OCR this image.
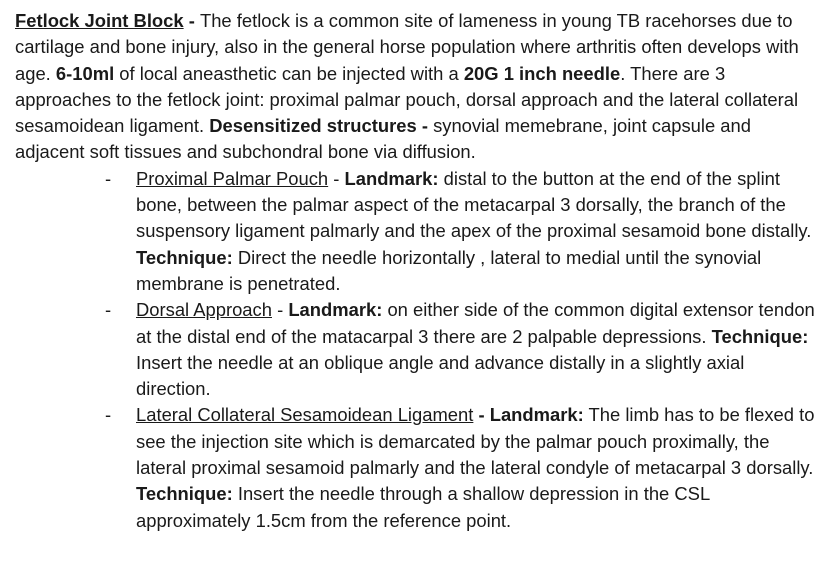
Fetlock Joint Block - The fetlock is a common site of lameness in young TB racehorses due to cartilage and bone injury, also in the general horse population where arthritis often develops with age. 6-10ml of local aneasthetic can be injected with a 20G 1 inch needle. There are 3 approaches to the fetlock joint: proximal palmar pouch, dorsal approach and the lateral collateral sesamoidean ligament. Desensitized structures - synovial memebrane, joint capsule and adjacent soft tissues and subchondral bone via diffusion.

- Proximal Palmar Pouch - Landmark: distal to the button at the end of the splint bone, between the palmar aspect of the metacarpal 3 dorsally, the branch of the suspensory ligament palmarly and the apex of the proximal sesamoid bone distally. Technique: Direct the needle horizontally , lateral to medial until the synovial membrane is penetrated.
- Dorsal Approach - Landmark: on either side of the common digital extensor tendon at the distal end of the matacarpal 3 there are 2 palpable depressions. Technique: Insert the needle at an oblique angle and advance distally in a slightly axial direction.
- Lateral Collateral Sesamoidean Ligament - Landmark: The limb has to be flexed to see the injection site which is demarcated by the palmar pouch proximally, the lateral proximal sesamoid palmarly and the lateral condyle of metacarpal 3 dorsally. Technique: Insert the needle through a shallow depression in the CSL approximately 1.5cm from the reference point.
